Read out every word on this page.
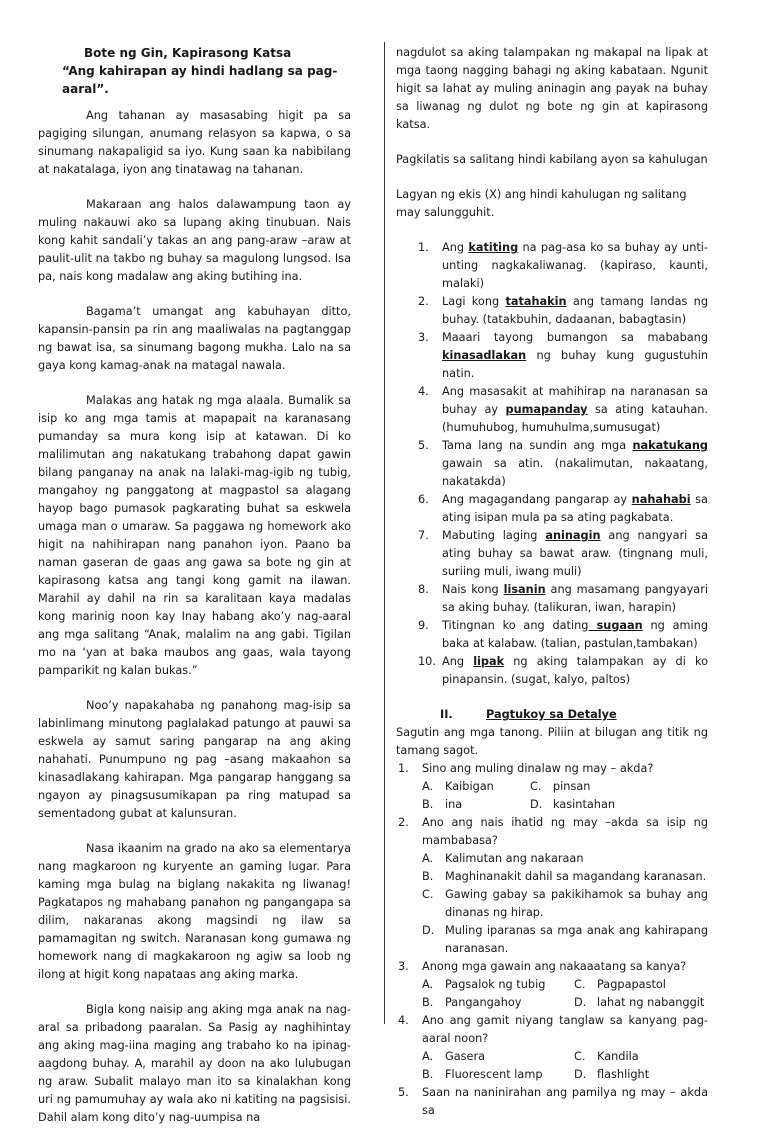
Bote ng Gin, Kapirasong Katsa
“Ang kahirapan ay hindi hadlang sa pag-aaral”.

Ang tahanan ay masasabing higit pa sa pagiging silungan, anumang relasyon sa kapwa, o sa sinumang nakapaligid sa iyo. Kung saan ka nabibilang at nakatalaga, iyon ang tinatawag na tahanan.

Makaraan ang halos dalawampung taon ay muling nakauwi ako sa lupang aking tinubuan. Nais kong kahit sandali’y takas an ang pang-araw –araw at paulit-ulit na takbo ng buhay sa magulong lungsod. Isa pa, nais kong madalaw ang aking butihing ina.

Bagama’t umangat ang kabuhayan ditto, kapansin-pansin pa rin ang maaliwalas na pagtanggap ng bawat isa, sa sinumang bagong mukha. Lalo na sa gaya kong kamag-anak na matagal nawala.

Malakas ang hatak ng mga alaala. Bumalik sa isip ko ang mga tamis at mapapait na karanasang pumanday sa mura kong isip at katawan. Di ko malilimutan ang nakatukang trabahong dapat gawin bilang panganay na anak na lalaki-mag-igib ng tubig, mangahoy ng panggatong at magpastol sa alagang hayop bago pumasok pagkarating buhat sa eskwela umaga man o umaraw. Sa paggawa ng homework ako higit na nahihirapan nang panahon iyon. Paano ba naman gaseran de gaas ang gawa sa bote ng gin at kapirasong katsa ang tangi kong gamit na ilawan. Marahil ay dahil na rin sa karalitaan kaya madalas kong marinig noon kay Inay habang ako’y nag-aaral ang mga salitang “Anak, malalim na ang gabi. Tigilan mo na ‘yan at baka maubos ang gaas, wala tayong pamparikit ng kalan bukas.”

Noo’y napakahaba ng panahong mag-isip sa labinlimang minutong paglalakad patungo at pauwi sa eskwela ay samut saring pangarap na ang aking nahahati. Punumpuno ng pag –asang makaahon sa kinasadlakang kahirapan. Mga pangarap hanggang sa ngayon ay pinagsusumikapan pa ring matupad sa sementadong gubat at kalunsuran.

Nasa ikaanim na grado na ako sa elementarya nang magkaroon ng kuryente an gaming lugar. Para kaming mga bulag na biglang nakakita ng liwanag! Pagkatapos ng mahabang panahon ng pangangapa sa dilim, nakaranas akong magsindi ng ilaw sa pamamagitan ng switch. Naranasan kong gumawa ng homework nang di magkakaroon ng agiw sa loob ng ilong at higit kong napataas ang aking marka.

Bigla kong naisip ang aking mga anak na nag-aral sa pribadong paaralan. Sa Pasig ay naghihintay ang aking mag-iina maging ang trabaho ko na ipinag-aagdong buhay. A, marahil ay doon na ako lulubugan ng araw. Subalit malayo man ito sa kinalakhan kong uri ng pamumuhay ay wala ako ni katiting na pagsisisi. Dahil alam kong dito’y nag-uumpisa na

nagdulot sa aking talampakan ng makapal na lipak at mga taong nagging bahagi ng aking kabataan. Ngunit higit sa lahat ay muling aninagin ang payak na buhay sa liwanag ng dulot ng bote ng gin at kapirasong katsa.

Pagkilatis sa salitang hindi kabilang ayon sa kahulugan

Lagyan ng ekis (X) ang hindi kahulugan ng salitang may salungguhit.

1. Ang katiting na pag-asa ko sa buhay ay unti-unting nagkakaliwanag. (kapiraso, kaunti, malaki)
2. Lagi kong tatahakin ang tamang landas ng buhay. (tatakbuhin, dadaanan, babagtasin)
3. Maaari tayong bumangon sa mababang kinasadlakan ng buhay kung gugustuhin natin.
4. Ang masasakit at mahihirap na naranasan sa buhay ay pumapanday sa ating katauhan. (humuhubog, humuhulma,sumusugat)
5. Tama lang na sundin ang mga nakatukang gawain sa atin. (nakalimutan, nakaatang, nakatakda)
6. Ang magagandang pangarap ay nahahabi sa ating isipan mula pa sa ating pagkabata.
7. Mabuting laging aninagin ang nangyari sa ating buhay sa bawat araw. (tingnang muli, suriing muli, iwang muli)
8. Nais kong lisanin ang masamang pangyayari sa aking buhay. (talikuran, iwan, harapin)
9. Titingnan ko ang dating sugaan ng aming baka at kalabaw. (talian, pastulan,tambakan)
10. Ang lipak ng aking talampakan ay di ko pinapansin. (sugat, kalyo, paltos)
II.	Pagtukoy sa Detalye

Sagutin ang mga tanong. Piliin at bilugan ang titik ng tamang sagot.

1. Sino ang muling dinalaw ng may – akda?
A.	Kaibigan	C.	pinsan
B.	ina	D. kasintahan
2. Ano ang nais ihatid ng may –akda sa isip ng mambabasa?
A.	Kalimutan ang nakaraan
B.	Maghinanakit dahil sa magandang karanasan.
C.	Gawing gabay sa pakikihamok sa buhay ang dinanas ng hirap.
D. Muling iparanas sa mga anak ang kahirapang naranasan.
3. Anong mga gawain ang nakaaatang sa kanya?
A.	Pagsalok ng tubig	C.	Pagpapastol
B.	Pangangahoy	D. lahat ng nabanggit
4. Ano ang gamit niyang tanglaw sa kanyang pag-aaral noon?
A.	Gasera	C.	Kandila
B.	Fluorescent lamp	D. flashlight
5. Saan na naninirahan ang pamilya ng may – akda sa
